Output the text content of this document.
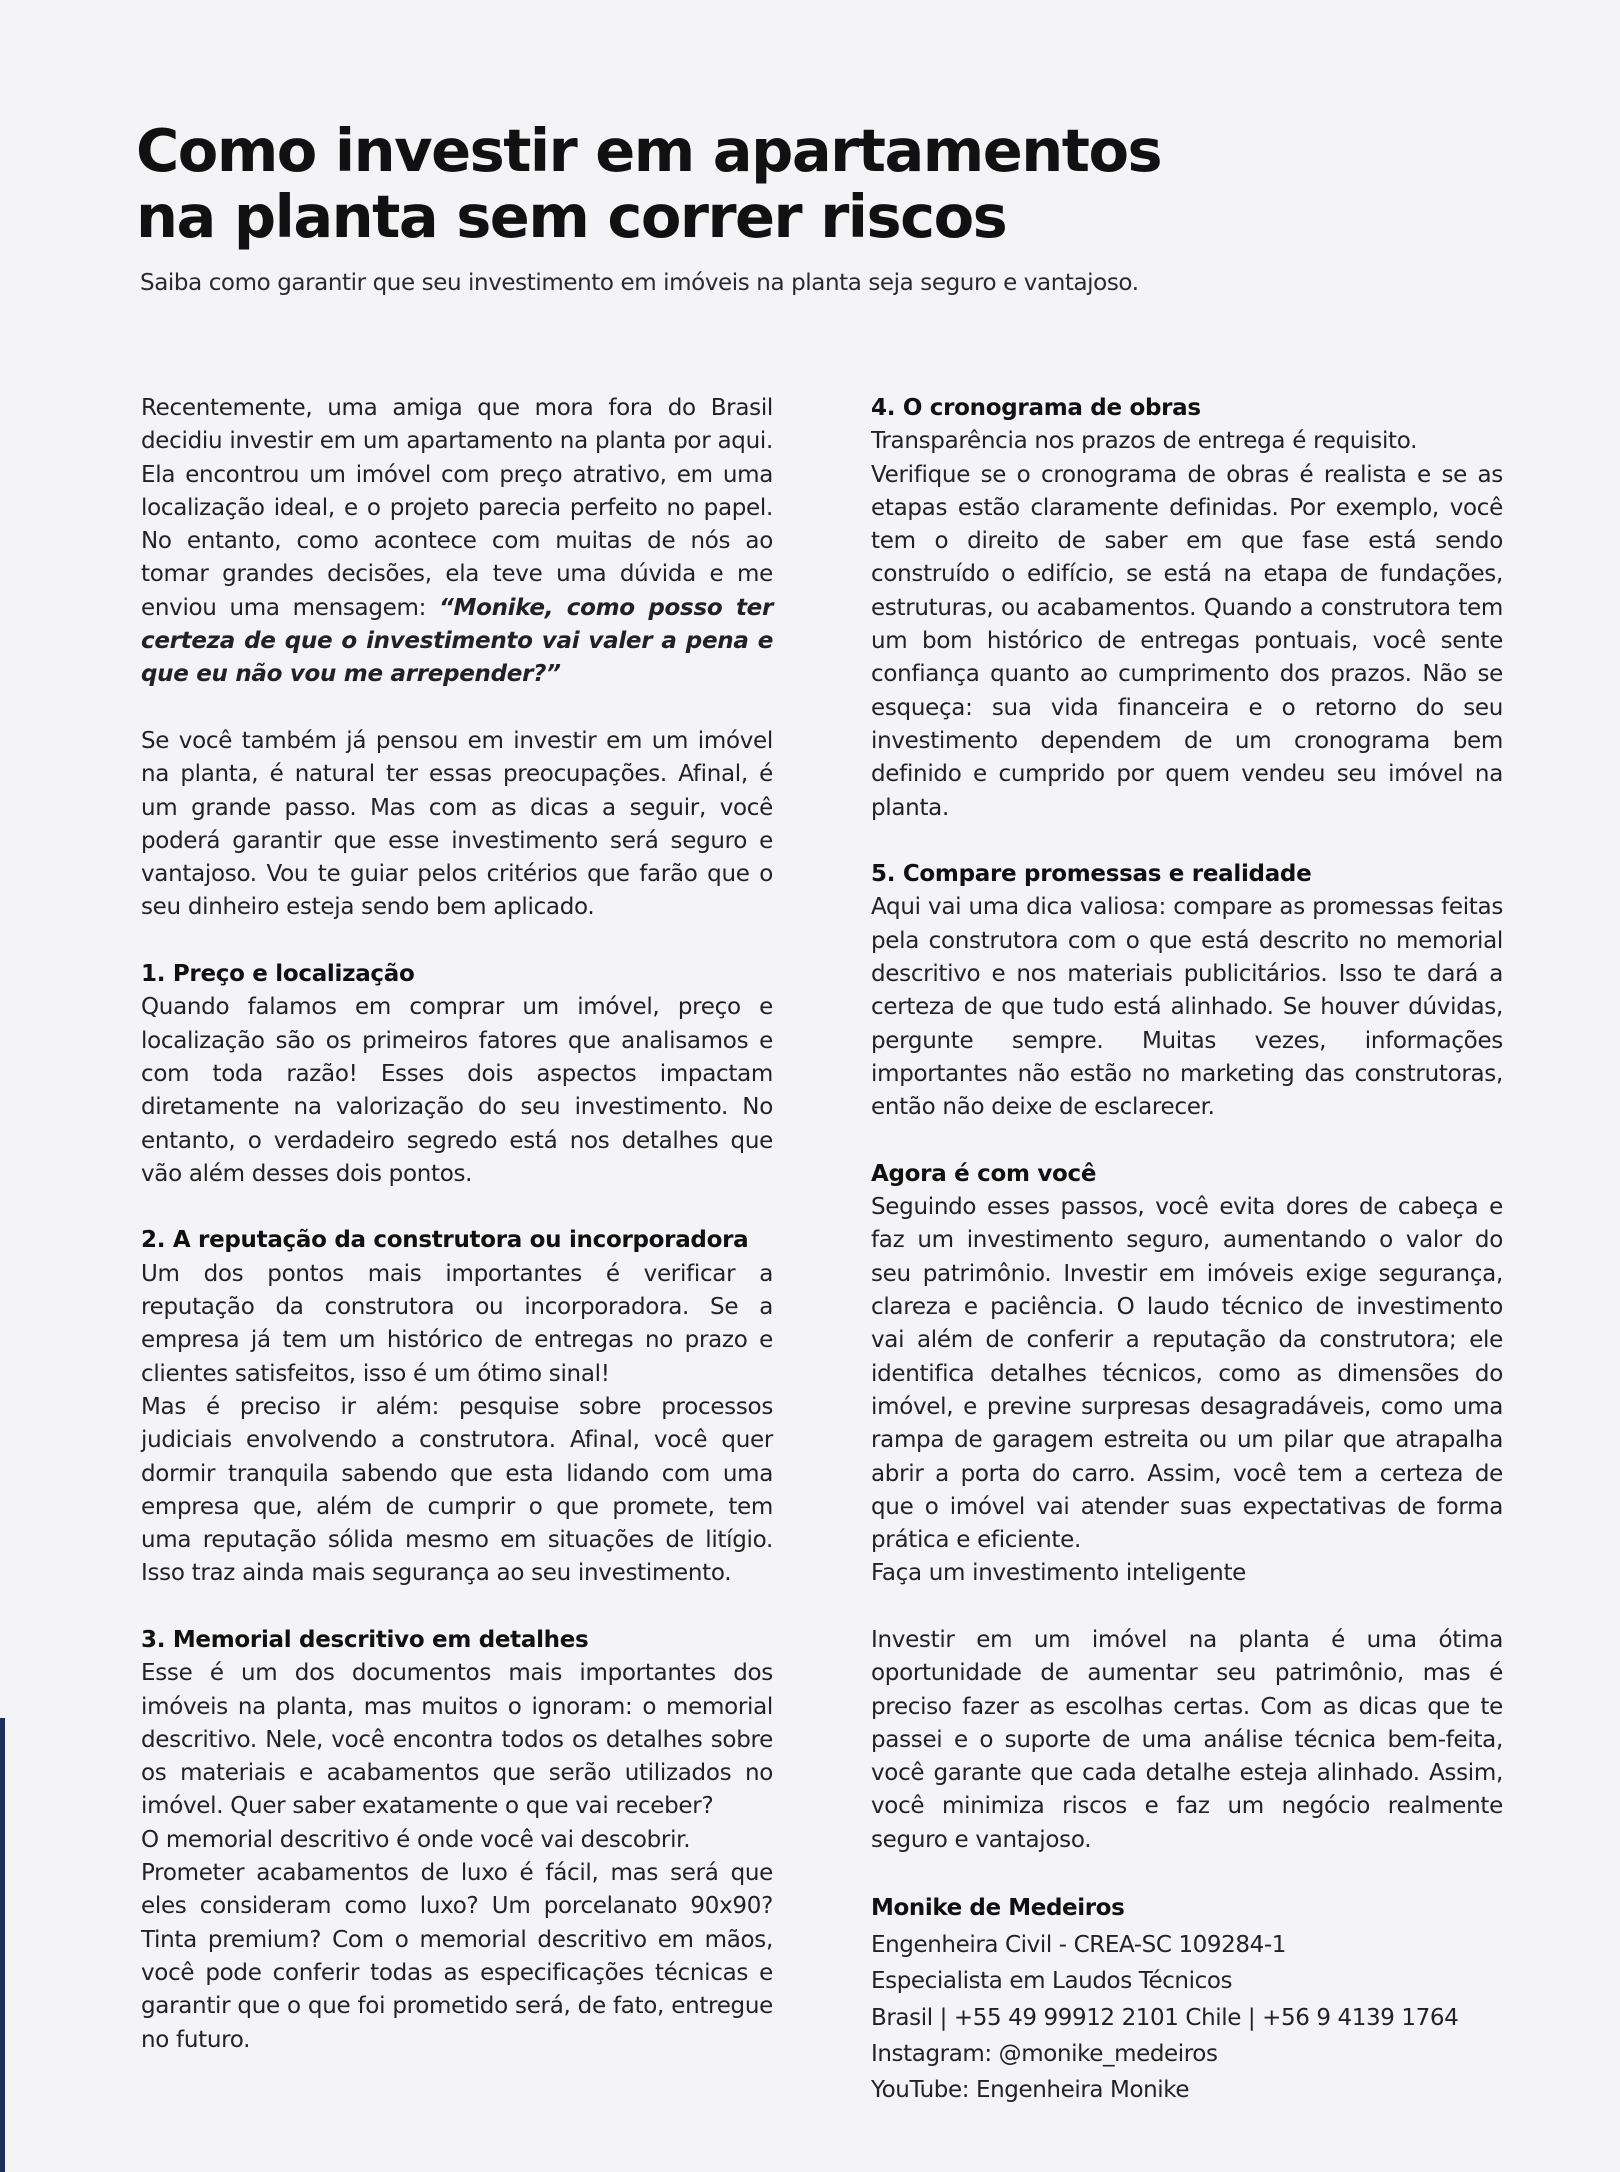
Como investir em apartamentos
na planta sem correr riscos

Saiba como garantir que seu investimento em imóveis na planta seja seguro e vantajoso.

Recentemente, uma amiga que mora fora do Brasil decidiu investir em um apartamento na planta por aqui. Ela encontrou um imóvel com preço atrativo, em uma localização ideal, e o projeto parecia perfeito no papel. No entanto, como acontece com muitas de nós ao tomar grandes decisões, ela teve uma dúvida e me enviou uma mensagem: “Monike, como posso ter certeza de que o investimento vai valer a pena e que eu não vou me arrepender?”

Se você também já pensou em investir em um imóvel na planta, é natural ter essas preocupações. Afinal, é um grande passo. Mas com as dicas a seguir, você poderá garantir que esse investimento será seguro e vantajoso. Vou te guiar pelos critérios que farão que o seu dinheiro esteja sendo bem aplicado.

1. Preço e localização

Quando falamos em comprar um imóvel, preço e localização são os primeiros fatores que analisamos e com toda razão! Esses dois aspectos impactam diretamente na valorização do seu investimento. No entanto, o verdadeiro segredo está nos detalhes que vão além desses dois pontos.

2. A reputação da construtora ou incorporadora

Um dos pontos mais importantes é verificar a reputação da construtora ou incorporadora. Se a empresa já tem um histórico de entregas no prazo e clientes satisfeitos, isso é um ótimo sinal!

Mas é preciso ir além: pesquise sobre processos judiciais envolvendo a construtora. Afinal, você quer dormir tranquila sabendo que esta lidando com uma empresa que, além de cumprir o que promete, tem uma reputação sólida mesmo em situações de litígio. Isso traz ainda mais segurança ao seu investimento.

3. Memorial descritivo em detalhes

Esse é um dos documentos mais importantes dos imóveis na planta, mas muitos o ignoram: o memorial descritivo. Nele, você encontra todos os detalhes sobre os materiais e acabamentos que serão utilizados no imóvel. Quer saber exatamente o que vai receber?

O memorial descritivo é onde você vai descobrir.

Prometer acabamentos de luxo é fácil, mas será que eles consideram como luxo? Um porcelanato 90x90? Tinta premium? Com o memorial descritivo em mãos, você pode conferir todas as especificações técnicas e garantir que o que foi prometido será, de fato, entregue no futuro.

4. O cronograma de obras

Transparência nos prazos de entrega é requisito.

Verifique se o cronograma de obras é realista e se as etapas estão claramente definidas. Por exemplo, você tem o direito de saber em que fase está sendo construído o edifício, se está na etapa de fundações, estruturas, ou acabamentos. Quando a construtora tem um bom histórico de entregas pontuais, você sente confiança quanto ao cumprimento dos prazos. Não se esqueça: sua vida financeira e o retorno do seu investimento dependem de um cronograma bem definido e cumprido por quem vendeu seu imóvel na planta.

5. Compare promessas e realidade

Aqui vai uma dica valiosa: compare as promessas feitas pela construtora com o que está descrito no memorial descritivo e nos materiais publicitários. Isso te dará a certeza de que tudo está alinhado. Se houver dúvidas, pergunte sempre. Muitas vezes, informações importantes não estão no marketing das construtoras, então não deixe de esclarecer.

Agora é com você

Seguindo esses passos, você evita dores de cabeça e faz um investimento seguro, aumentando o valor do seu patrimônio. Investir em imóveis exige segurança, clareza e paciência. O laudo técnico de investimento vai além de conferir a reputação da construtora; ele identifica detalhes técnicos, como as dimensões do imóvel, e previne surpresas desagradáveis, como uma rampa de garagem estreita ou um pilar que atrapalha abrir a porta do carro. Assim, você tem a certeza de que o imóvel vai atender suas expectativas de forma prática e eficiente.

Faça um investimento inteligente

Investir em um imóvel na planta é uma ótima oportunidade de aumentar seu patrimônio, mas é preciso fazer as escolhas certas. Com as dicas que te passei e o suporte de uma análise técnica bem-feita, você garante que cada detalhe esteja alinhado. Assim, você minimiza riscos e faz um negócio realmente seguro e vantajoso.

Monike de Medeiros
Engenheira Civil - CREA-SC 109284-1
Especialista em Laudos Técnicos
Brasil | +55 49 99912 2101 Chile | +56 9 4139 1764
Instagram: @monike_medeiros
YouTube: Engenheira Monike
